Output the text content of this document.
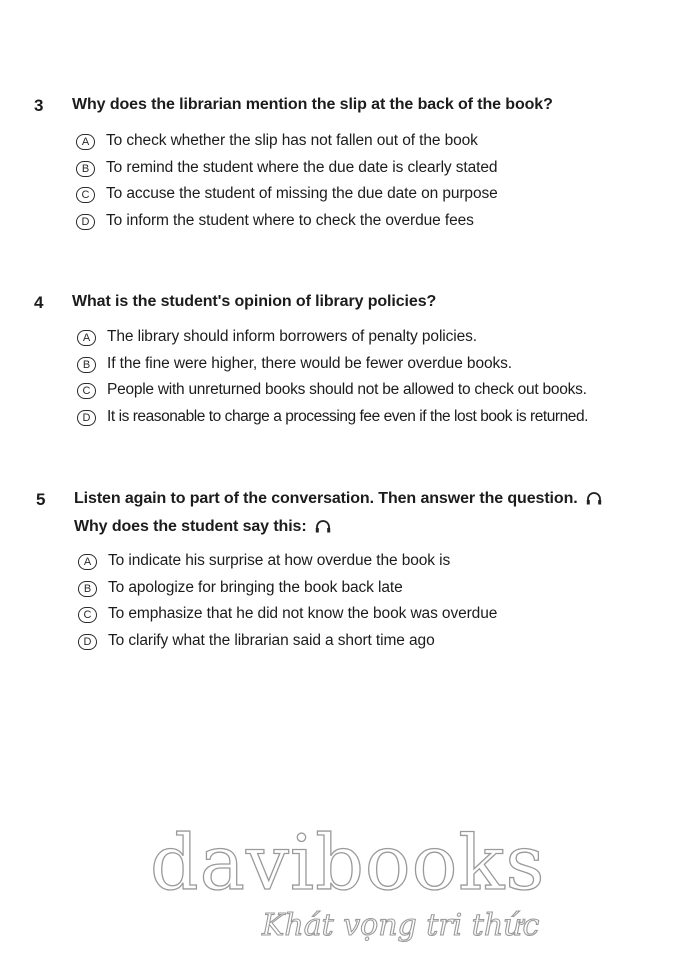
3 Why does the librarian mention the slip at the back of the book?
A	To check whether the slip has not fallen out of the book
B	To remind the student where the due date is clearly stated
C	To accuse the student of missing the due date on purpose
D	To inform the student where to check the overdue fees
4 What is the student's opinion of library policies?
A	The library should inform borrowers of penalty policies.
B	If the fine were higher, there would be fewer overdue books.
C	People with unreturned books should not be allowed to check out books.
D	It is reasonable to charge a processing fee even if the lost book is returned.
5 Listen again to part of the conversation. Then answer the question.
Why does the student say this:
A	To indicate his surprise at how overdue the book is
B	To apologize for bringing the book back late
C	To emphasize that he did not know the book was overdue
D	To clarify what the librarian said a short time ago
davibooks
Khát vọng tri thức
